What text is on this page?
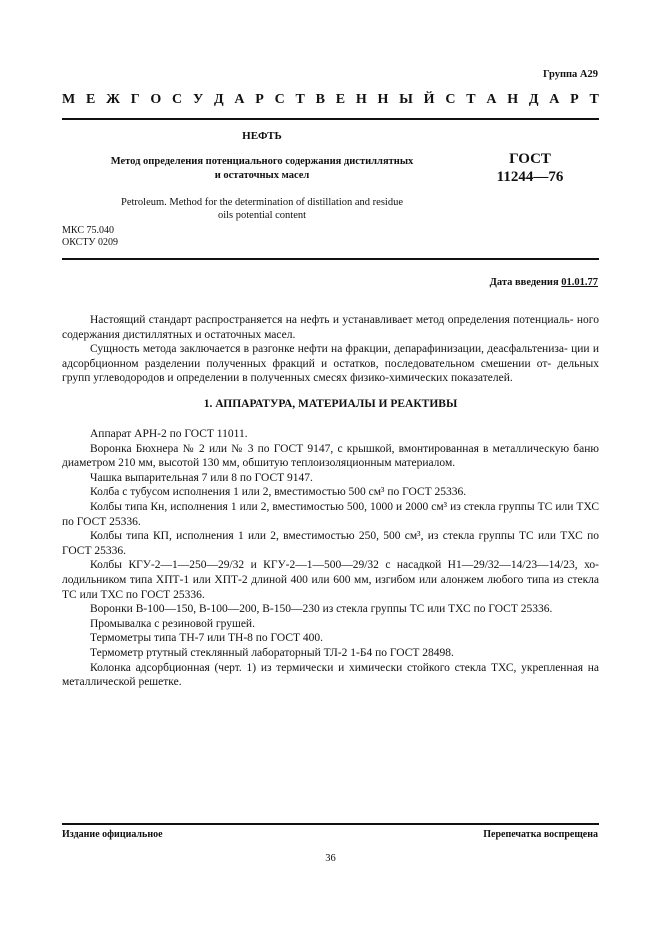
Группа А29
М Е Ж Г О С У Д А Р С Т В Е Н Н Ы Й С Т А Н Д А Р Т
НЕФТЬ
Метод определения потенциального содержания дистиллятных
и остаточных масел
Petroleum. Method for the determination of distillation and residue
oils potential content
МКС 75.040
ОКСТУ 0209
ГОСТ
11244—76
Дата введения 01.01.77

Настоящий стандарт распространяется на нефть и устанавливает метод определения потенциаль- ного содержания дистиллятных и остаточных масел.

Сущность метода заключается в разгонке нефти на фракции, депарафинизации, деасфальтениза- ции и адсорбционном разделении полученных фракций и остатков, последовательном смешении от- дельных групп углеводородов и определении в полученных смесях физико-химических показателей.

1. АППАРАТУРА, МАТЕРИАЛЫ И РЕАКТИВЫ

Аппарат АРН-2 по ГОСТ 11011.

Воронка Бюхнера № 2 или № 3 по ГОСТ 9147, с крышкой, вмонтированная в металлическую баню диаметром 210 мм, высотой 130 мм, обшитую теплоизоляционным материалом.

Чашка выпарительная 7 или 8 по ГОСТ 9147.

Колба с тубусом исполнения 1 или 2, вместимостью 500 см³ по ГОСТ 25336.

Колбы типа Кн, исполнения 1 или 2, вместимостью 500, 1000 и 2000 см³ из стекла группы ТС или ТХС по ГОСТ 25336.

Колбы типа КП, исполнения 1 или 2, вместимостью 250, 500 см³, из стекла группы ТС или ТХС по ГОСТ 25336.

Колбы КГУ-2—1—250—29/32 и КГУ-2—1—500—29/32 с насадкой Н1—29/32—14/23—14/23, хо- лодильником типа ХПТ-1 или ХПТ-2 длиной 400 или 600 мм, изгибом или алонжем любого типа из стекла ТС или ТХС по ГОСТ 25336.

Воронки В-100—150, В-100—200, В-150—230 из стекла группы ТС или ТХС по ГОСТ 25336.

Промывалка с резиновой грушей.

Термометры типа ТН-7 или ТН-8 по ГОСТ 400.

Термометр ртутный стеклянный лабораторный ТЛ-2 1-Б4 по ГОСТ 28498.

Колонка адсорбционная (черт. 1) из термически и химически стойкого стекла ТХС, укрепленная на металлической решетке.

Издание официальное	Перепечатка воспрещена
36
